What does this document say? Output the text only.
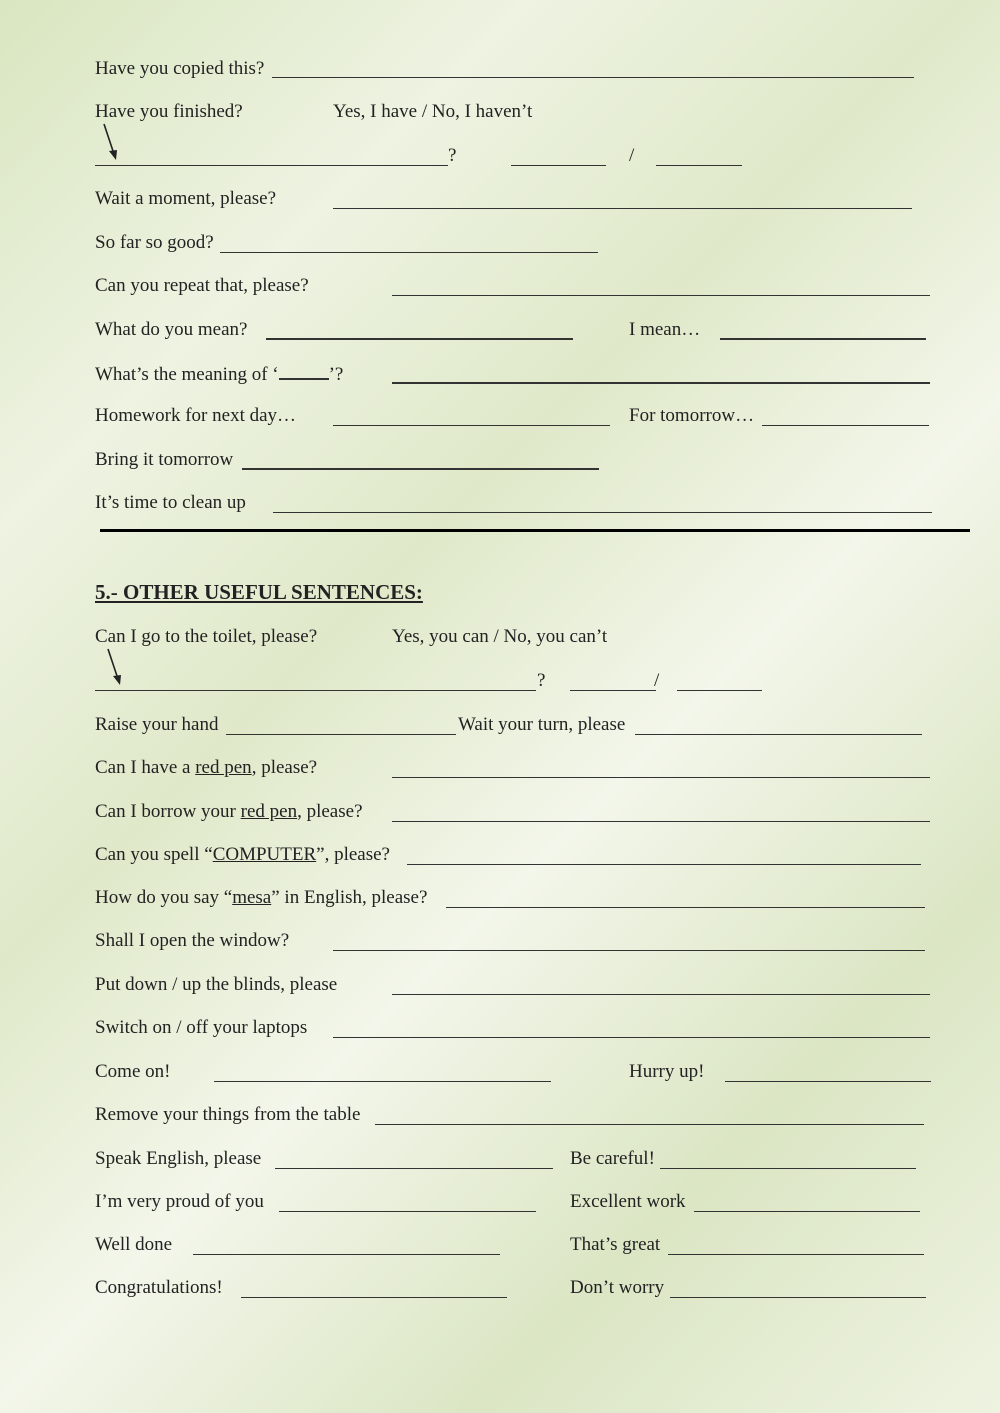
Have you copied this?
Have you finished?	Yes, I have / No, I haven’t
?	/
Wait a moment, please?
So far so good?
Can you repeat that, please?
What do you mean?	I mean…
What’s the meaning of ‘	’?
Homework for next day…	For tomorrow…
Bring it tomorrow
It’s time to clean up
5.- OTHER USEFUL SENTENCES:
Can I go to the toilet, please?	Yes, you can / No, you can’t
?	/
Raise your hand	Wait your turn, please
Can I have a red pen, please?
Can I borrow your red pen, please?
Can you spell “COMPUTER”, please?
How do you say “mesa” in English, please?
Shall I open the window?
Put down / up the blinds, please
Switch on / off your laptops
Come on!	Hurry up!
Remove your things from the table
Speak English, please	Be careful!
I’m very proud of you	Excellent work
Well done	That’s great
Congratulations!	Don’t worry
